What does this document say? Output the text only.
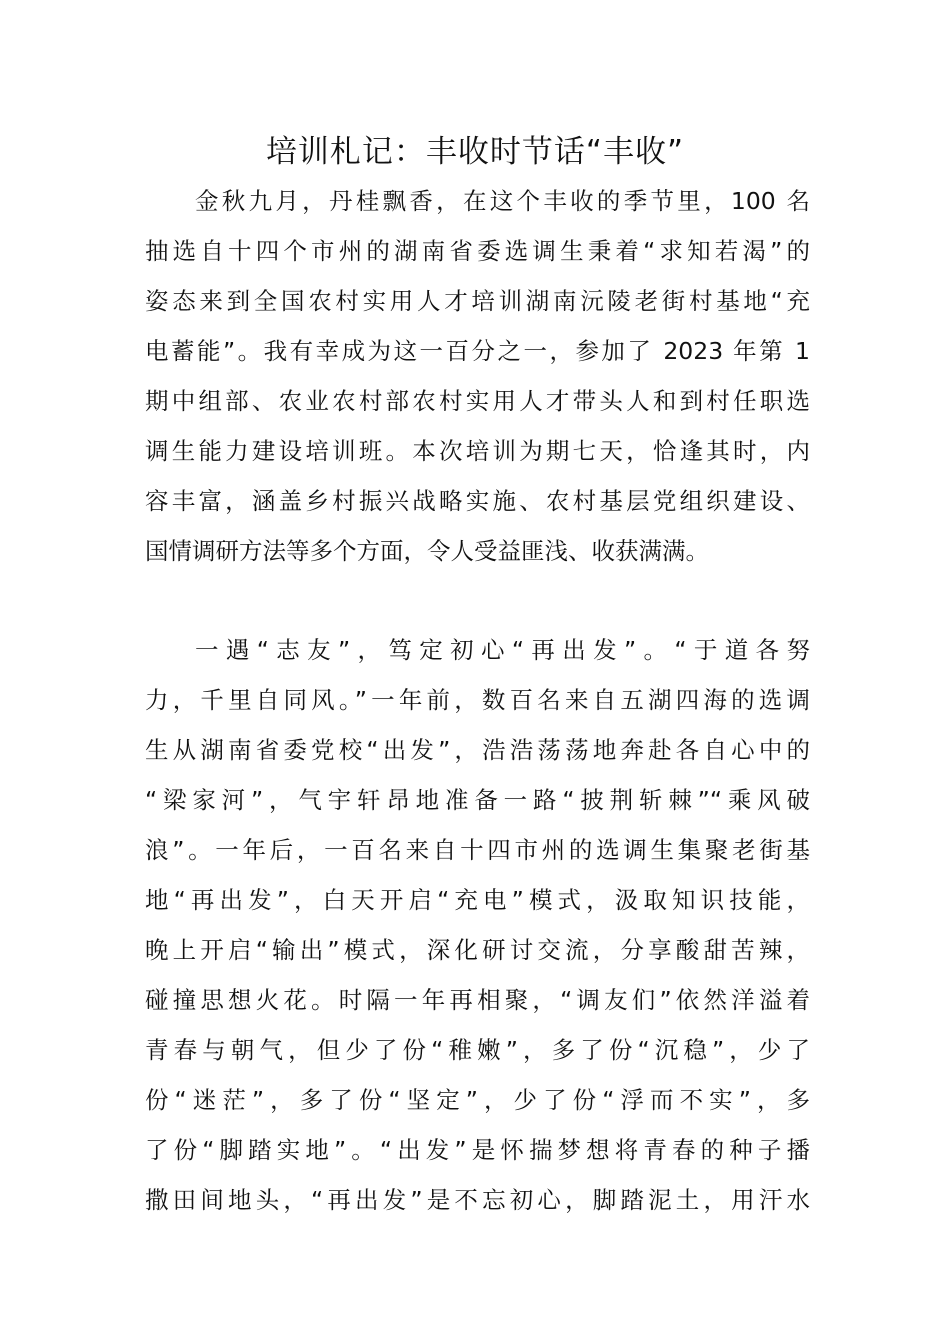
培训札记：丰收时节话“丰收”
金秋九月，丹桂飘香，在这个丰收的季节里，100 名
抽选自十四个市州的湖南省委选调生秉着“求知若渴”的
姿态来到全国农村实用人才培训湖南沅陵老街村基地“充
电蓄能”。我有幸成为这一百分之一，参加了 2023 年第 1
期中组部、农业农村部农村实用人才带头人和到村任职选
调生能力建设培训班。本次培训为期七天，恰逢其时，内
容丰富，涵盖乡村振兴战略实施、农村基层党组织建设、
国情调研方法等多个方面，令人受益匪浅、收获满满。
一遇“志友”，笃定初心“再出发”。“于道各努
力，千里自同风。”一年前，数百名来自五湖四海的选调
生从湖南省委党校“出发”，浩浩荡荡地奔赴各自心中的
“梁家河”，气宇轩昂地准备一路“披荆斩棘”“乘风破
浪”。一年后，一百名来自十四市州的选调生集聚老街基
地“再出发”，白天开启“充电”模式，汲取知识技能，
晚上开启“输出”模式，深化研讨交流，分享酸甜苦辣，
碰撞思想火花。时隔一年再相聚，“调友们”依然洋溢着
青春与朝气，但少了份“稚嫩”，多了份“沉稳”，少了
份“迷茫”，多了份“坚定”，少了份“浮而不实”，多
了份“脚踏实地”。“出发”是怀揣梦想将青春的种子播
撒田间地头，“再出发”是不忘初心，脚踏泥土，用汗水
